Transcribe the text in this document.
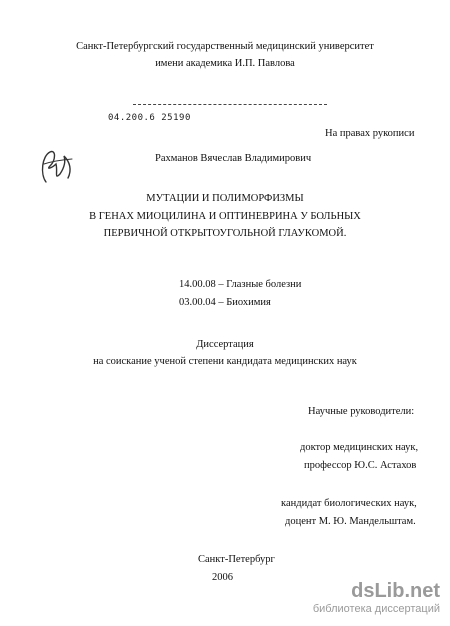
Санкт-Петербургский государственный медицинский университет
имени академика И.П. Павлова
04.200.6 25190
На правах рукописи
Рахманов Вячеслав Владимирович
МУТАЦИИ И ПОЛИМОРФИЗМЫ
В ГЕНАХ МИОЦИЛИНА И ОПТИНЕВРИНА У БОЛЬНЫХ
ПЕРВИЧНОЙ ОТКРЫТОУГОЛЬНОЙ ГЛАУКОМОЙ.
14.00.08 – Глазные болезни
03.00.04 – Биохимия
Диссертация
на соискание ученой степени кандидата медицинских наук
Научные руководители:
доктор медицинских наук,
профессор Ю.С. Астахов
кандидат биологических наук,
доцент М. Ю. Мандельштам.
Санкт-Петербург
2006
dsLib.net
библиотека диссертаций
